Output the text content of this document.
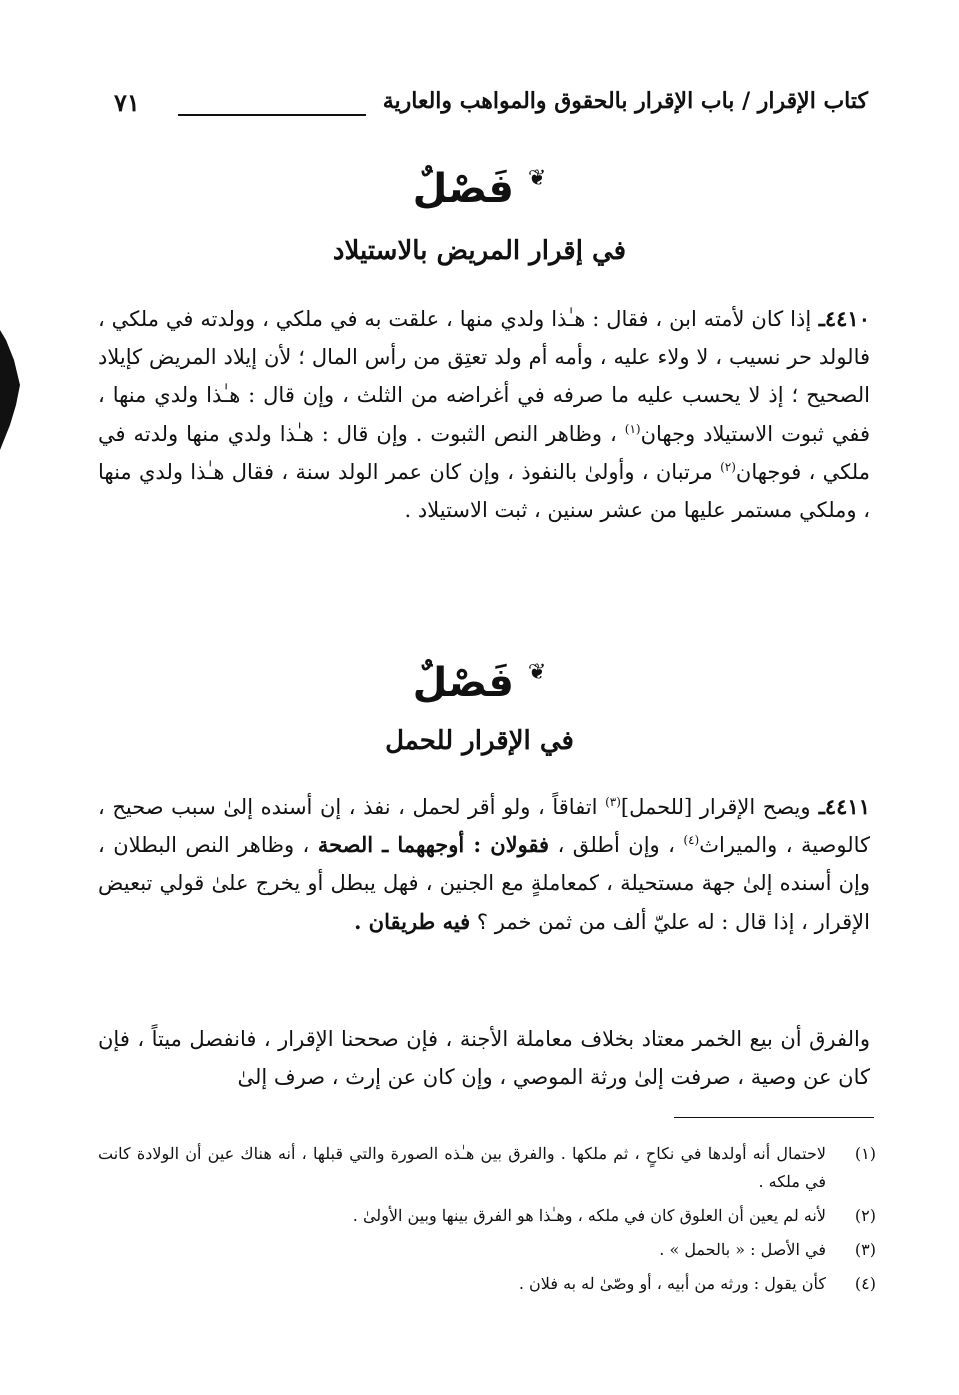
كتاب الإقرار / باب الإقرار بالحقوق والمواهب والعارية
٧١
❦ فَصْلٌ
في إقرار المريض بالاستيلاد
٤٤١٠ـ إذا كان لأمته ابن ، فقال : هـٰذا ولدي منها ، علقت به في ملكي ، وولدته في ملكي ، فالولد حر نسيب ، لا ولاء عليه ، وأمه أم ولد تعتِق من رأس المال ؛ لأن إيلاد المريض كإيلاد الصحيح ؛ إذ لا يحسب عليه ما صرفه في أغراضه من الثلث ، وإن قال : هـٰذا ولدي منها ، ففي ثبوت الاستيلاد وجهان$^{(١)}$ ، وظاهر النص الثبوت . وإن قال : هـٰذا ولدي منها ولدته في ملكي ، فوجهان$^{(٢)}$ مرتبان ، وأولىٰ بالنفوذ ، وإن كان عمر الولد سنة ، فقال هـٰذا ولدي منها ، وملكي مستمر عليها من عشر سنين ، ثبت الاستيلاد .
❦ فَصْلٌ
في الإقرار للحمل
٤٤١١ـ ويصح الإقرار [للحمل]$^{(٣)}$ اتفاقاً ، ولو أقر لحمل ، نفذ ، إن أسنده إلىٰ سبب صحيح ، كالوصية ، والميراث$^{(٤)}$ ، وإن أطلق ، فقولان : أوجههما ـ الصحة ، وظاهر النص البطلان ، وإن أسنده إلىٰ جهة مستحيلة ، كمعاملةٍ مع الجنين ، فهل يبطل أو يخرج علىٰ قولي تبعيض الإقرار ، إذا قال : له عليّ ألف من ثمن خمر ؟ فيه طريقان .
والفرق أن بيع الخمر معتاد بخلاف معاملة الأجنة ، فإن صححنا الإقرار ، فانفصل ميتاً ، فإن كان عن وصية ، صرفت إلىٰ ورثة الموصي ، وإن كان عن إرث ، صرف إلىٰ
(١)
لاحتمال أنه أولدها في نكاحٍ ، ثم ملكها . والفرق بين هـٰذه الصورة والتي قبلها ، أنه هناك عين أن الولادة كانت في ملكه .
(٢)
لأنه لم يعين أن العلوق كان في ملكه ، وهـٰذا هو الفرق بينها وبين الأولىٰ .
(٣)
في الأصل : « بالحمل » .
(٤)
كأن يقول : ورثه من أبيه ، أو وصّىٰ له به فلان .
